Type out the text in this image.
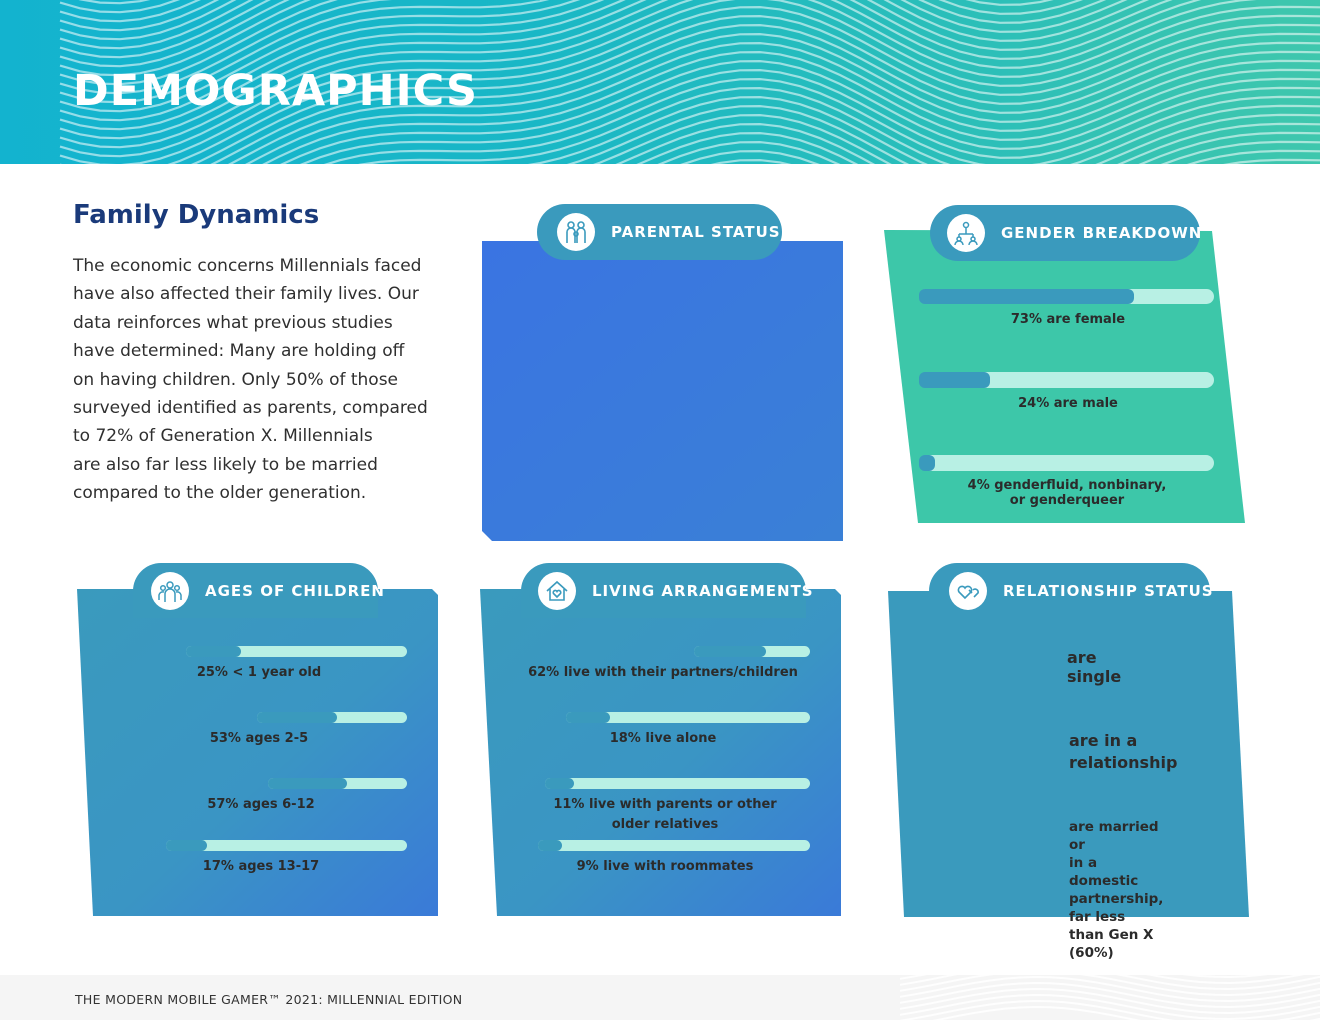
DEMOGRAPHICS
Family Dynamics
The economic concerns Millennials faced
have also affected their family lives. Our
data reinforces what previous studies
have determined: Many are holding off
on having children. Only 50% of those
surveyed identified as parents, compared
to 72% of Generation X. Millennials
are also far less likely to be married
compared to the older generation.
PARENTAL STATUS	GENDER BREAKDOWN
73% are female
24% are male
4% genderfluid, nonbinary,
or genderqueer
AGES OF CHILDREN
25% < 1 year old
53% ages 2-5
57% ages 6-12
17% ages 13-17
LIVING ARRANGEMENTS
62% live with their partners/children
18% live alone
11% live with parents or other
older relatives
9% live with roommates
RELATIONSHIP STATUS
are single
are in a
relationship
are married or
in a domestic
partnership, far less
than Gen X (60%)
THE MODERN MOBILE GAMER™ 2021: MILLENNIAL EDITION
